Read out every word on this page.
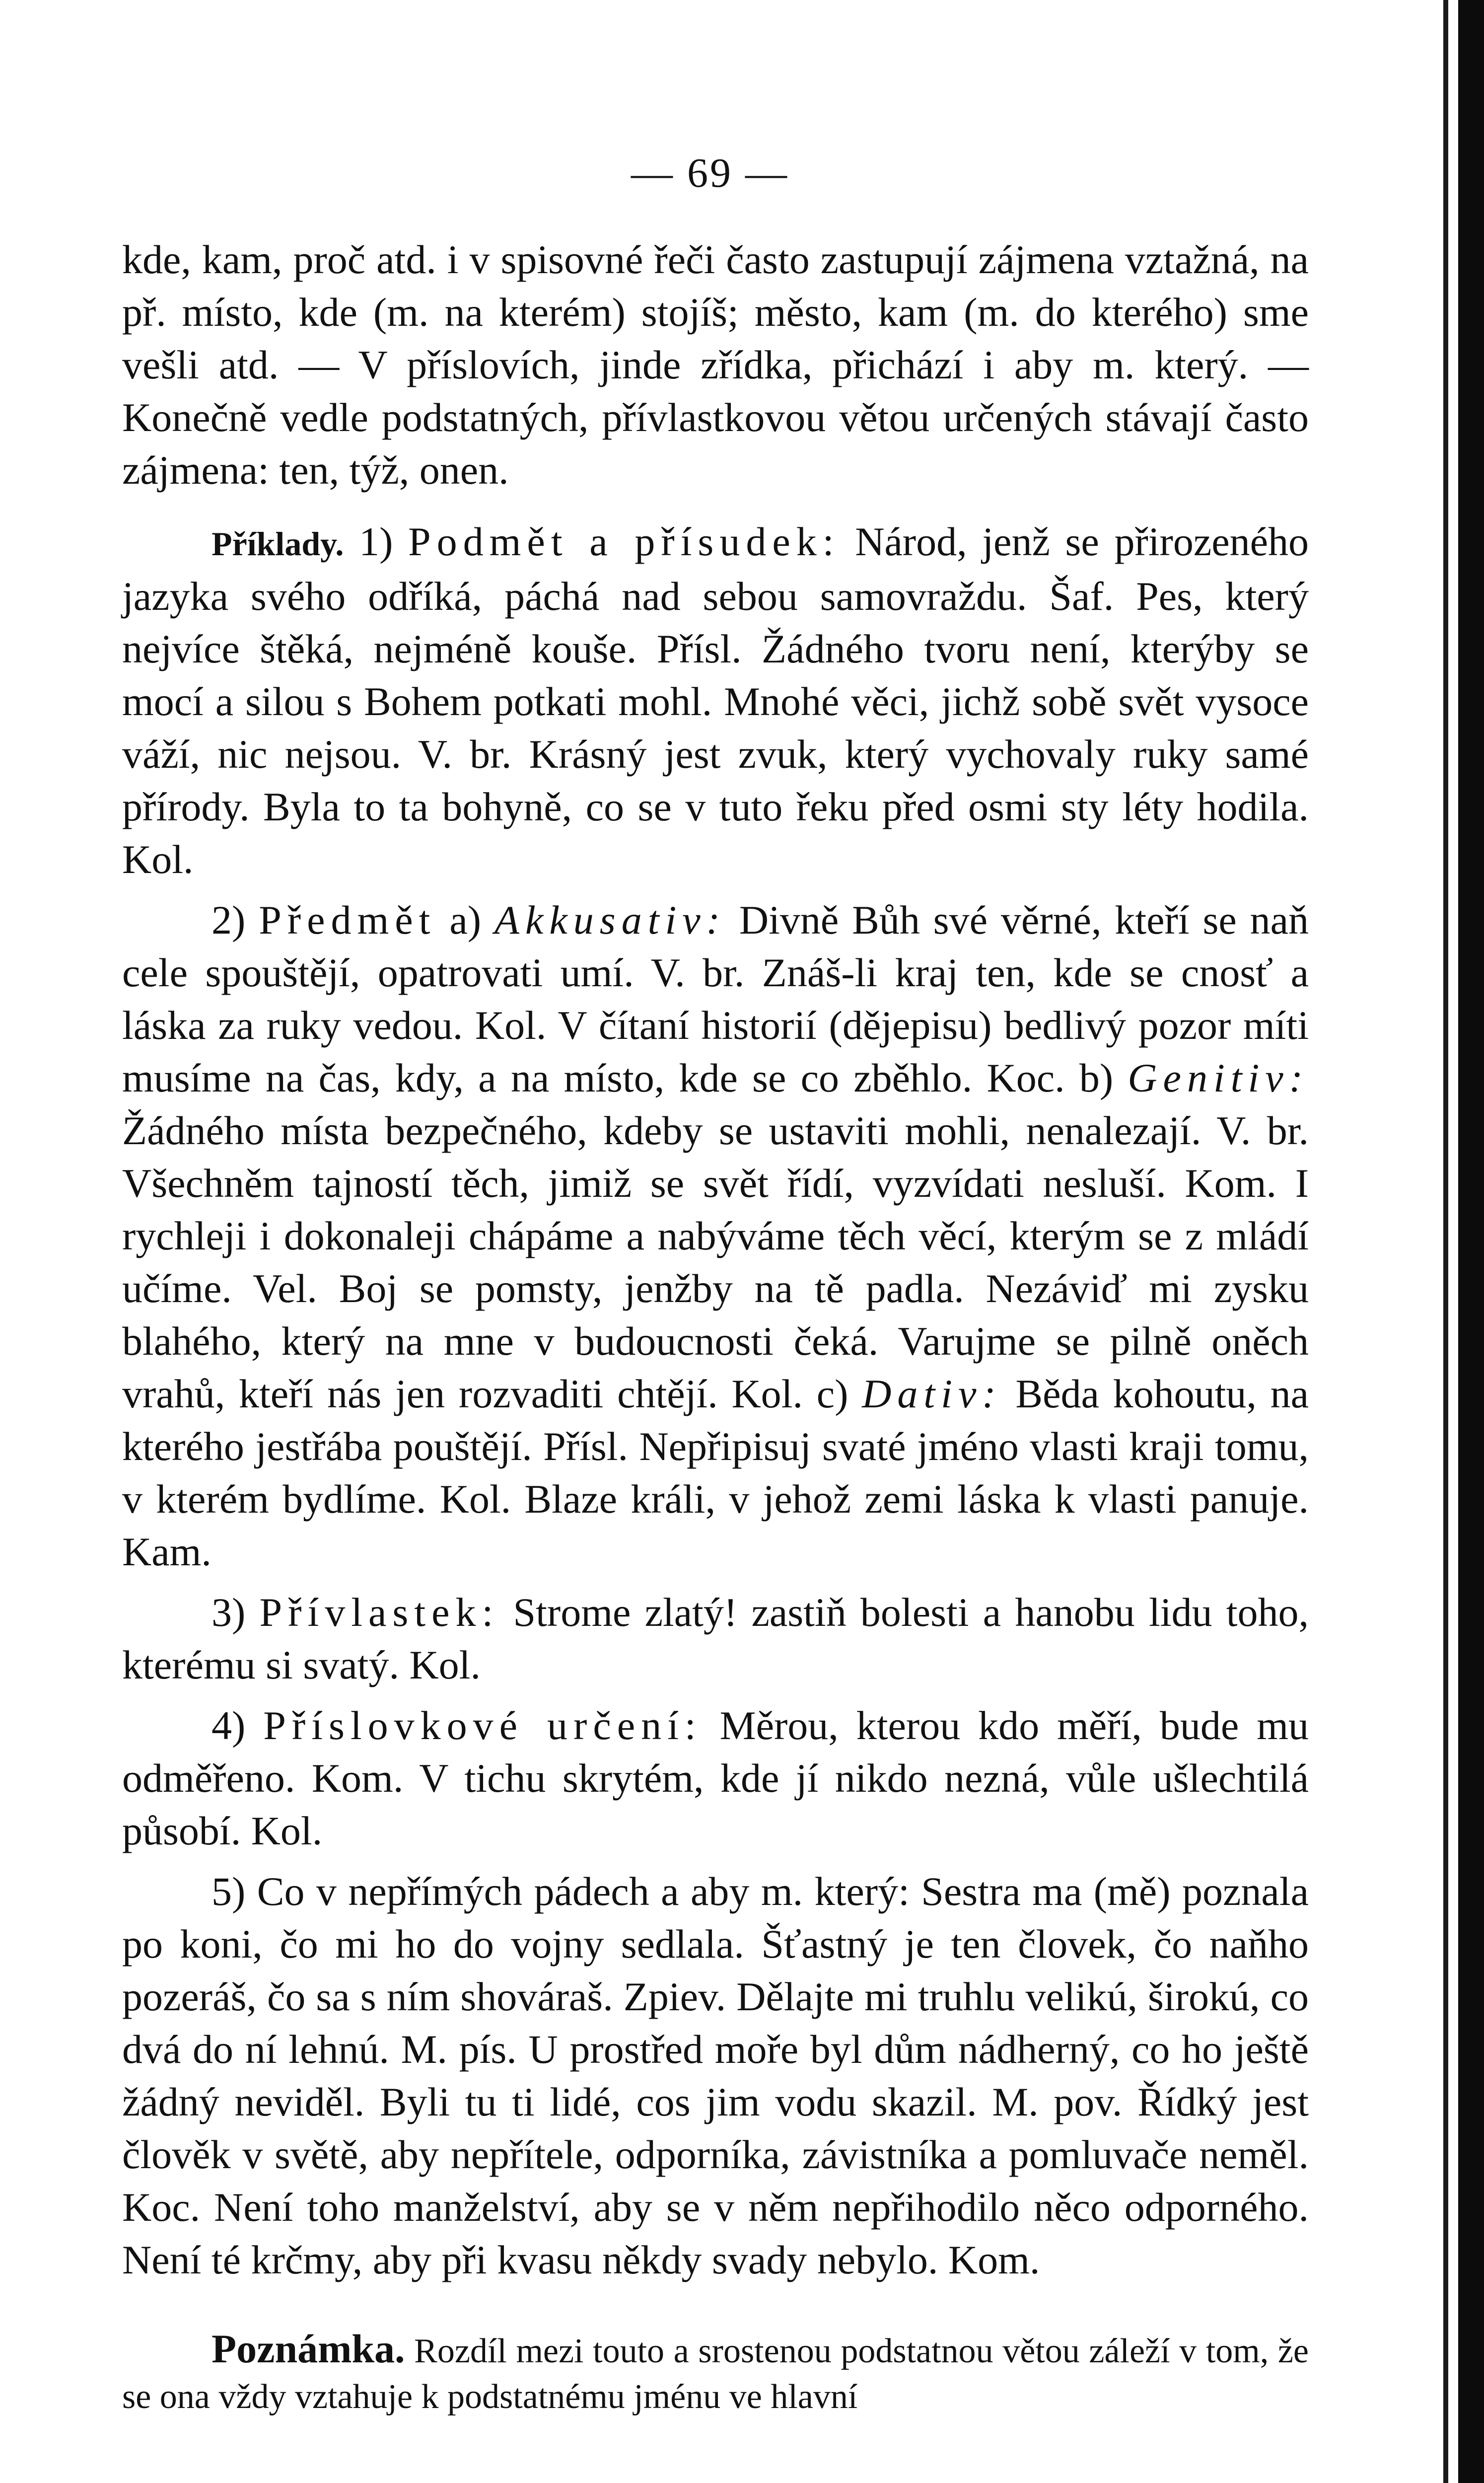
— 69 —

kde, kam, proč atd. i v spisovné řeči často zastupují zájmena vztažná, na př. místo, kde (m. na kterém) stojíš; město, kam (m. do kterého) sme vešli atd. — V příslovích, jinde zřídka, přichází i aby m. který. — Konečně vedle podstatných, přívlastkovou větou určených stávají často zájmena: ten, týž, onen.

Příklady. 1) Podmět a přísudek: Národ, jenž se přirozeného jazyka svého odříká, páchá nad sebou samovraždu. Šaf. Pes, který nejvíce štěká, nejméně kouše. Přísl. Žádného tvoru není, kterýby se mocí a silou s Bohem potkati mohl. Mnohé věci, jichž sobě svět vysoce váží, nic nejsou. V. br. Krásný jest zvuk, který vychovaly ruky samé přírody. Byla to ta bohyně, co se v tuto řeku před osmi sty léty hodila. Kol.

2) Předmět a) Akkusativ: Divně Bůh své věrné, kteří se naň cele spouštějí, opatrovati umí. V. br. Znáš-li kraj ten, kde se cnosť a láska za ruky vedou. Kol. V čítaní historií (dějepisu) bedlivý pozor míti musíme na čas, kdy, a na místo, kde se co zběhlo. Koc. b) Genitiv: Žádného místa bezpečného, kdeby se ustaviti mohli, nenalezají. V. br. Všechněm tajností těch, jimiž se svět řídí, vyzvídati nesluší. Kom. I rychleji i dokonaleji chápáme a nabýváme těch věcí, kterým se z mládí učíme. Vel. Boj se pomsty, jenžby na tě padla. Nezáviď mi zysku blahého, který na mne v budoucnosti čeká. Varujme se pilně oněch vrahů, kteří nás jen rozvaditi chtějí. Kol. c) Dativ: Běda kohoutu, na kterého jestřába pouštějí. Přísl. Nepřipisuj svaté jméno vlasti kraji tomu, v kterém bydlíme. Kol. Blaze králi, v jehož zemi láska k vlasti panuje. Kam.

3) Přívlastek: Strome zlatý! zastiň bolesti a hanobu lidu toho, kterému si svatý. Kol.

4) Příslovkové určení: Měrou, kterou kdo měří, bude mu odměřeno. Kom. V tichu skrytém, kde jí nikdo nezná, vůle ušlechtilá působí. Kol.

5) Co v nepřímých pádech a aby m. který: Sestra ma (mě) poznala po koni, čo mi ho do vojny sedlala. Šťastný je ten človek, čo naňho pozeráš, čo sa s ním shováraš. Zpiev. Dělajte mi truhlu velikú, širokú, co dvá do ní lehnú. M. pís. U prostřed moře byl dům nádherný, co ho ještě žádný neviděl. Byli tu ti lidé, cos jim vodu skazil. M. pov. Řídký jest člověk v světě, aby nepřítele, odporníka, závistníka a pomluvače neměl. Koc. Není toho manželství, aby se v něm nepřihodilo něco odporného. Není té krčmy, aby při kvasu někdy svady nebylo. Kom.

Poznámka. Rozdíl mezi touto a srostenou podstatnou větou záleží v tom, že se ona vždy vztahuje k podstatnému jménu ve hlavní
